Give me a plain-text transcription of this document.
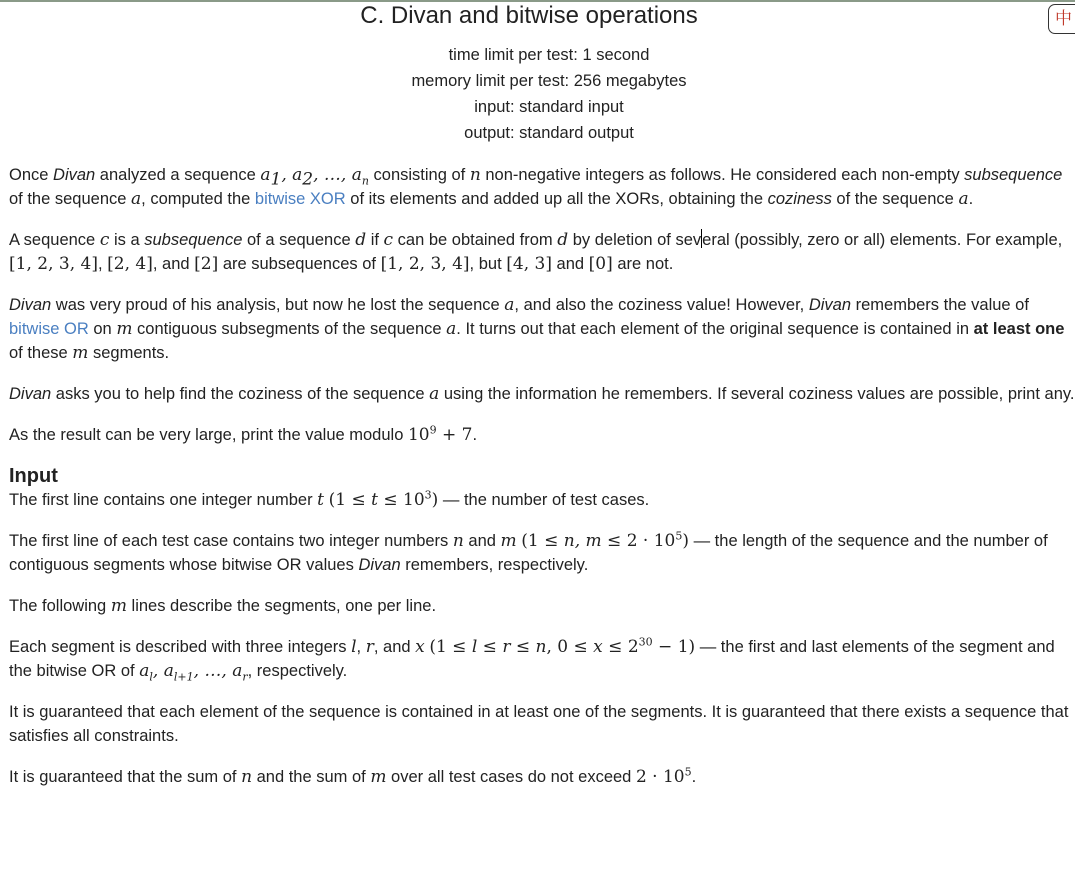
中
C. Divan and bitwise operations
time limit per test: 1 second
memory limit per test: 256 megabytes
input: standard input
output: standard output

Once Divan analyzed a sequence $a_1$, $a_2$, …, $a_n$ consisting of n non-negative integers as follows. He considered each non-empty subsequence of the sequence a, computed the bitwise XOR of its elements and added up all the XORs, obtaining the coziness of the sequence a.

A sequence c is a subsequence of a sequence d if c can be obtained from d by deletion of several (possibly, zero or all) elements. For example, [1, 2, 3, 4], [2, 4], and [2] are subsequences of [1, 2, 3, 4], but [4, 3] and [0] are not.

Divan was very proud of his analysis, but now he lost the sequence a, and also the coziness value! However, Divan remembers the value of bitwise OR on m contiguous subsegments of the sequence a. It turns out that each element of the original sequence is contained in at least one of these m segments.

Divan asks you to help find the coziness of the sequence a using the information he remembers. If several coziness values are possible, print any.

As the result can be very large, print the value modulo $10^9 + 7$.

Input

The first line contains one integer number t $(1 \le t \le 10^3)$ — the number of test cases.

The first line of each test case contains two integer numbers n and m (1 ≤ n, $m \le 2 \cdot 10^5$) — the length of the sequence and the number of contiguous segments whose bitwise OR values Divan remembers, respectively.

The following m lines describe the segments, one per line.

Each segment is described with three integers l, r, and x (1 ≤ l ≤ r ≤ n, $0 \le x \le 2^{30} - 1$) — the first and last elements of the segment and the bitwise OR of $a_l$, $a_{l+1}$, …, $a_r$, respectively.

It is guaranteed that each element of the sequence is contained in at least one of the segments. It is guaranteed that there exists a sequence that satisfies all constraints.

It is guaranteed that the sum of n and the sum of m over all test cases do not exceed $2 \cdot 10^5$.
